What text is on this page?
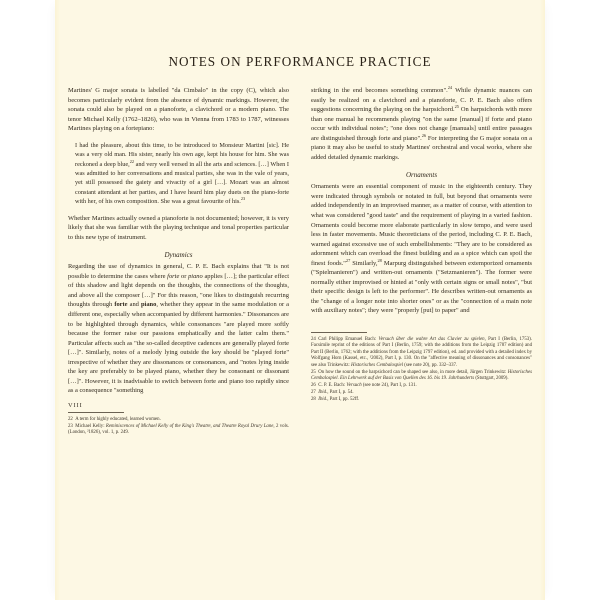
NOTES ON PERFORMANCE PRACTICE

Martines' G major sonata is labelled "da Cimbalo" in the copy (C), which also becomes particularly evident from the absence of dynamic markings. However, the sonata could also be played on a pianoforte, a clavichord or a modern piano. The tenor Michael Kelly (1762–1826), who was in Vienna from 1783 to 1787, witnesses Martines playing on a fortepiano:

I had the pleasure, about this time, to be introduced to Monsieur Martini [sic]. He was a very old man. His sister, nearly his own age, kept his house for him. She was reckoned a deep blue,$^{22}$ and very well versed in all the arts and sciences. […] When I was admitted to her conversations and musical parties, she was in the vale of years, yet still possessed the gaiety and vivacity of a girl […]. Mozart was an almost constant attendant at her parties, and I have heard him play duets on the piano-forte with her, of his own composition. She was a great favourite of his.$^{23}$

Whether Martines actually owned a pianoforte is not documented; however, it is very likely that she was familiar with the playing technique and tonal properties particular to this new type of instrument.

Dynamics

Regarding the use of dynamics in general, C. P. E. Bach explains that "It is not possible to determine the cases where forte or piano applies […]; the particular effect of this shadow and light depends on the thoughts, the connections of the thoughts, and above all the composer […]" For this reason, "one likes to distinguish recurring thoughts through forte and piano, whether they appear in the same modulation or a different one, especially when accompanied by different harmonies." Dissonances are to be highlighted through dynamics, while consonances "are played more softly because the former raise our passions emphatically and the latter calm them." Particular affects such as "the so-called deceptive cadences are generally played forte […]". Similarly, notes of a melody lying outside the key should be "played forte" irrespective of whether they are dissonances or consonances, and "notes lying inside the key are preferably to be played piano, whether they be consonant or dissonant […]". However, it is inadvisable to switch between forte and piano too rapidly since as a consequence "something

22 A term for highly educated, learned women.

23 Michael Kelly: Reminiscences of Michael Kelly of the King's Theatre, and Theatre Royal Drury Lane, 2 vols. (London, ²1826), vol. 1, p. 249.

VIII

striking in the end becomes something common".$^{24}$ While dynamic nuances can easily be realized on a clavichord and a pianoforte, C. P. E. Bach also offers suggestions concerning the playing on the harpsichord.$^{25}$ On harpsichords with more than one manual he recommends playing "on the same [manual] if forte and piano occur with individual notes"; "one does not change [manuals] until entire passages are distinguished through forte and piano".$^{26}$ For interpreting the G major sonata on a piano it may also be useful to study Martines' orchestral and vocal works, where she added detailed dynamic markings.

Ornaments

Ornaments were an essential component of music in the eighteenth century. They were indicated through symbols or notated in full, but beyond that ornaments were added independently in an improvised manner, as a matter of course, with attention to what was considered "good taste" and the requirement of playing in a varied fashion. Ornaments could become more elaborate particularly in slow tempo, and were used less in faster movements. Music theoreticians of the period, including C. P. E. Bach, warned against excessive use of such embellishments: "They are to be considered as adornment which can overload the finest building and as a spice which can spoil the finest foods."$^{27}$ Similarly,$^{28}$ Marpurg distinguished between extemporized ornaments ("Spielmanieren") and written-out ornaments ("Setzmanieren"). The former were normally either improvised or hinted at "only with certain signs or small notes", "but their specific design is left to the performer". He describes written-out ornaments as the "change of a longer note into shorter ones" or as the "connection of a main note with auxiliary notes"; they were "properly [put] to paper" and

24 Carl Philipp Emanuel Bach: Versuch über die wahre Art das Clavier zu spielen, Part I (Berlin, 1753). Facsimile reprint of the editions of Part I (Berlin, 1759; with the additions from the Leipzig 1787 edition) and Part II (Berlin, 1762; with the additions from the Leipzig 1797 edition), ed. and provided with a detailed index by Wolfgang Horn (Kassel, etc., ¹2002), Part I, p. 130. On the "affective meaning of dissonances and consonances" see also Trinkewitz: Historisches Cembalospiel (see note 20), pp. 332–337.

25 On how the sound on the harpsichord can be shaped see also, in more detail, Jürgen Trinkewitz: Historisches Cembalospiel. Ein Lehrwerk auf der Basis von Quellen des 16. bis 19. Jahrhunderts (Stuttgart, 2009).

26 C. P. E. Bach: Versuch (see note 24), Part I, p. 131.

27 Ibid., Part I, p. 54.

28 Ibid., Part I, pp. 52ff.
